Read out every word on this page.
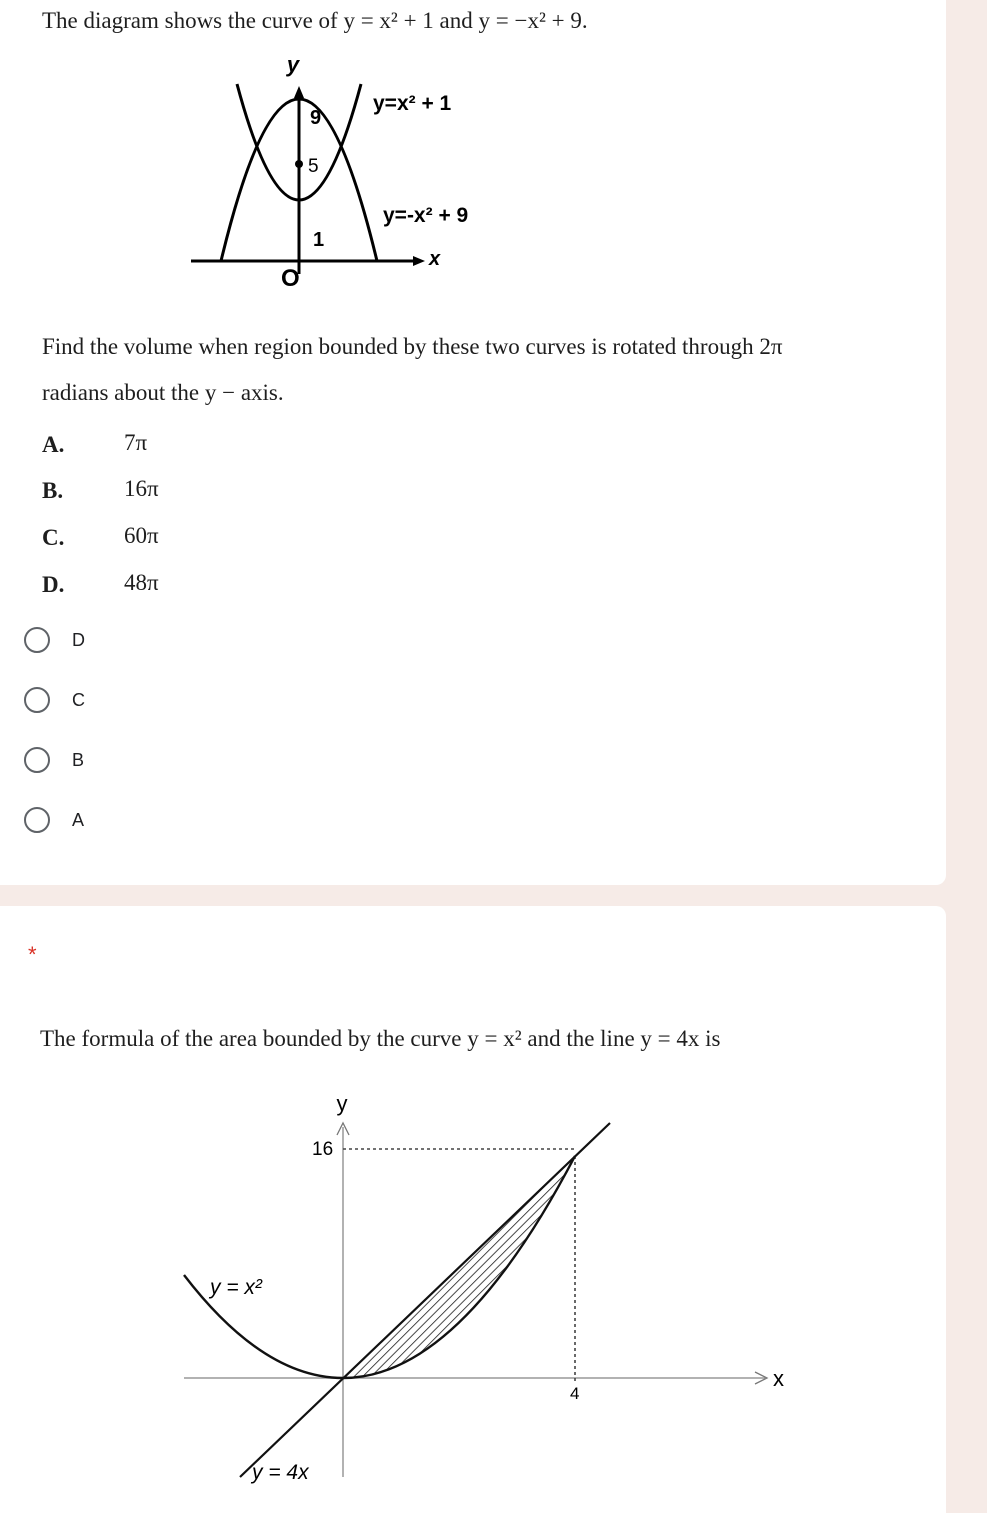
The diagram shows the curve of y = x² + 1 and y = −x² + 9.
y
x
O
9
5
1
y=x² + 1
y=-x² + 9
Find the volume when region bounded by these two curves is rotated through 2π
radians about the y − axis.
A.	7π
B.	16π
C.	60π
D.	48π
D
C
B
A
*
The formula of the area bounded by the curve y = x² and the line y = 4x is
y
x
16
4
y = x²
y = 4x
